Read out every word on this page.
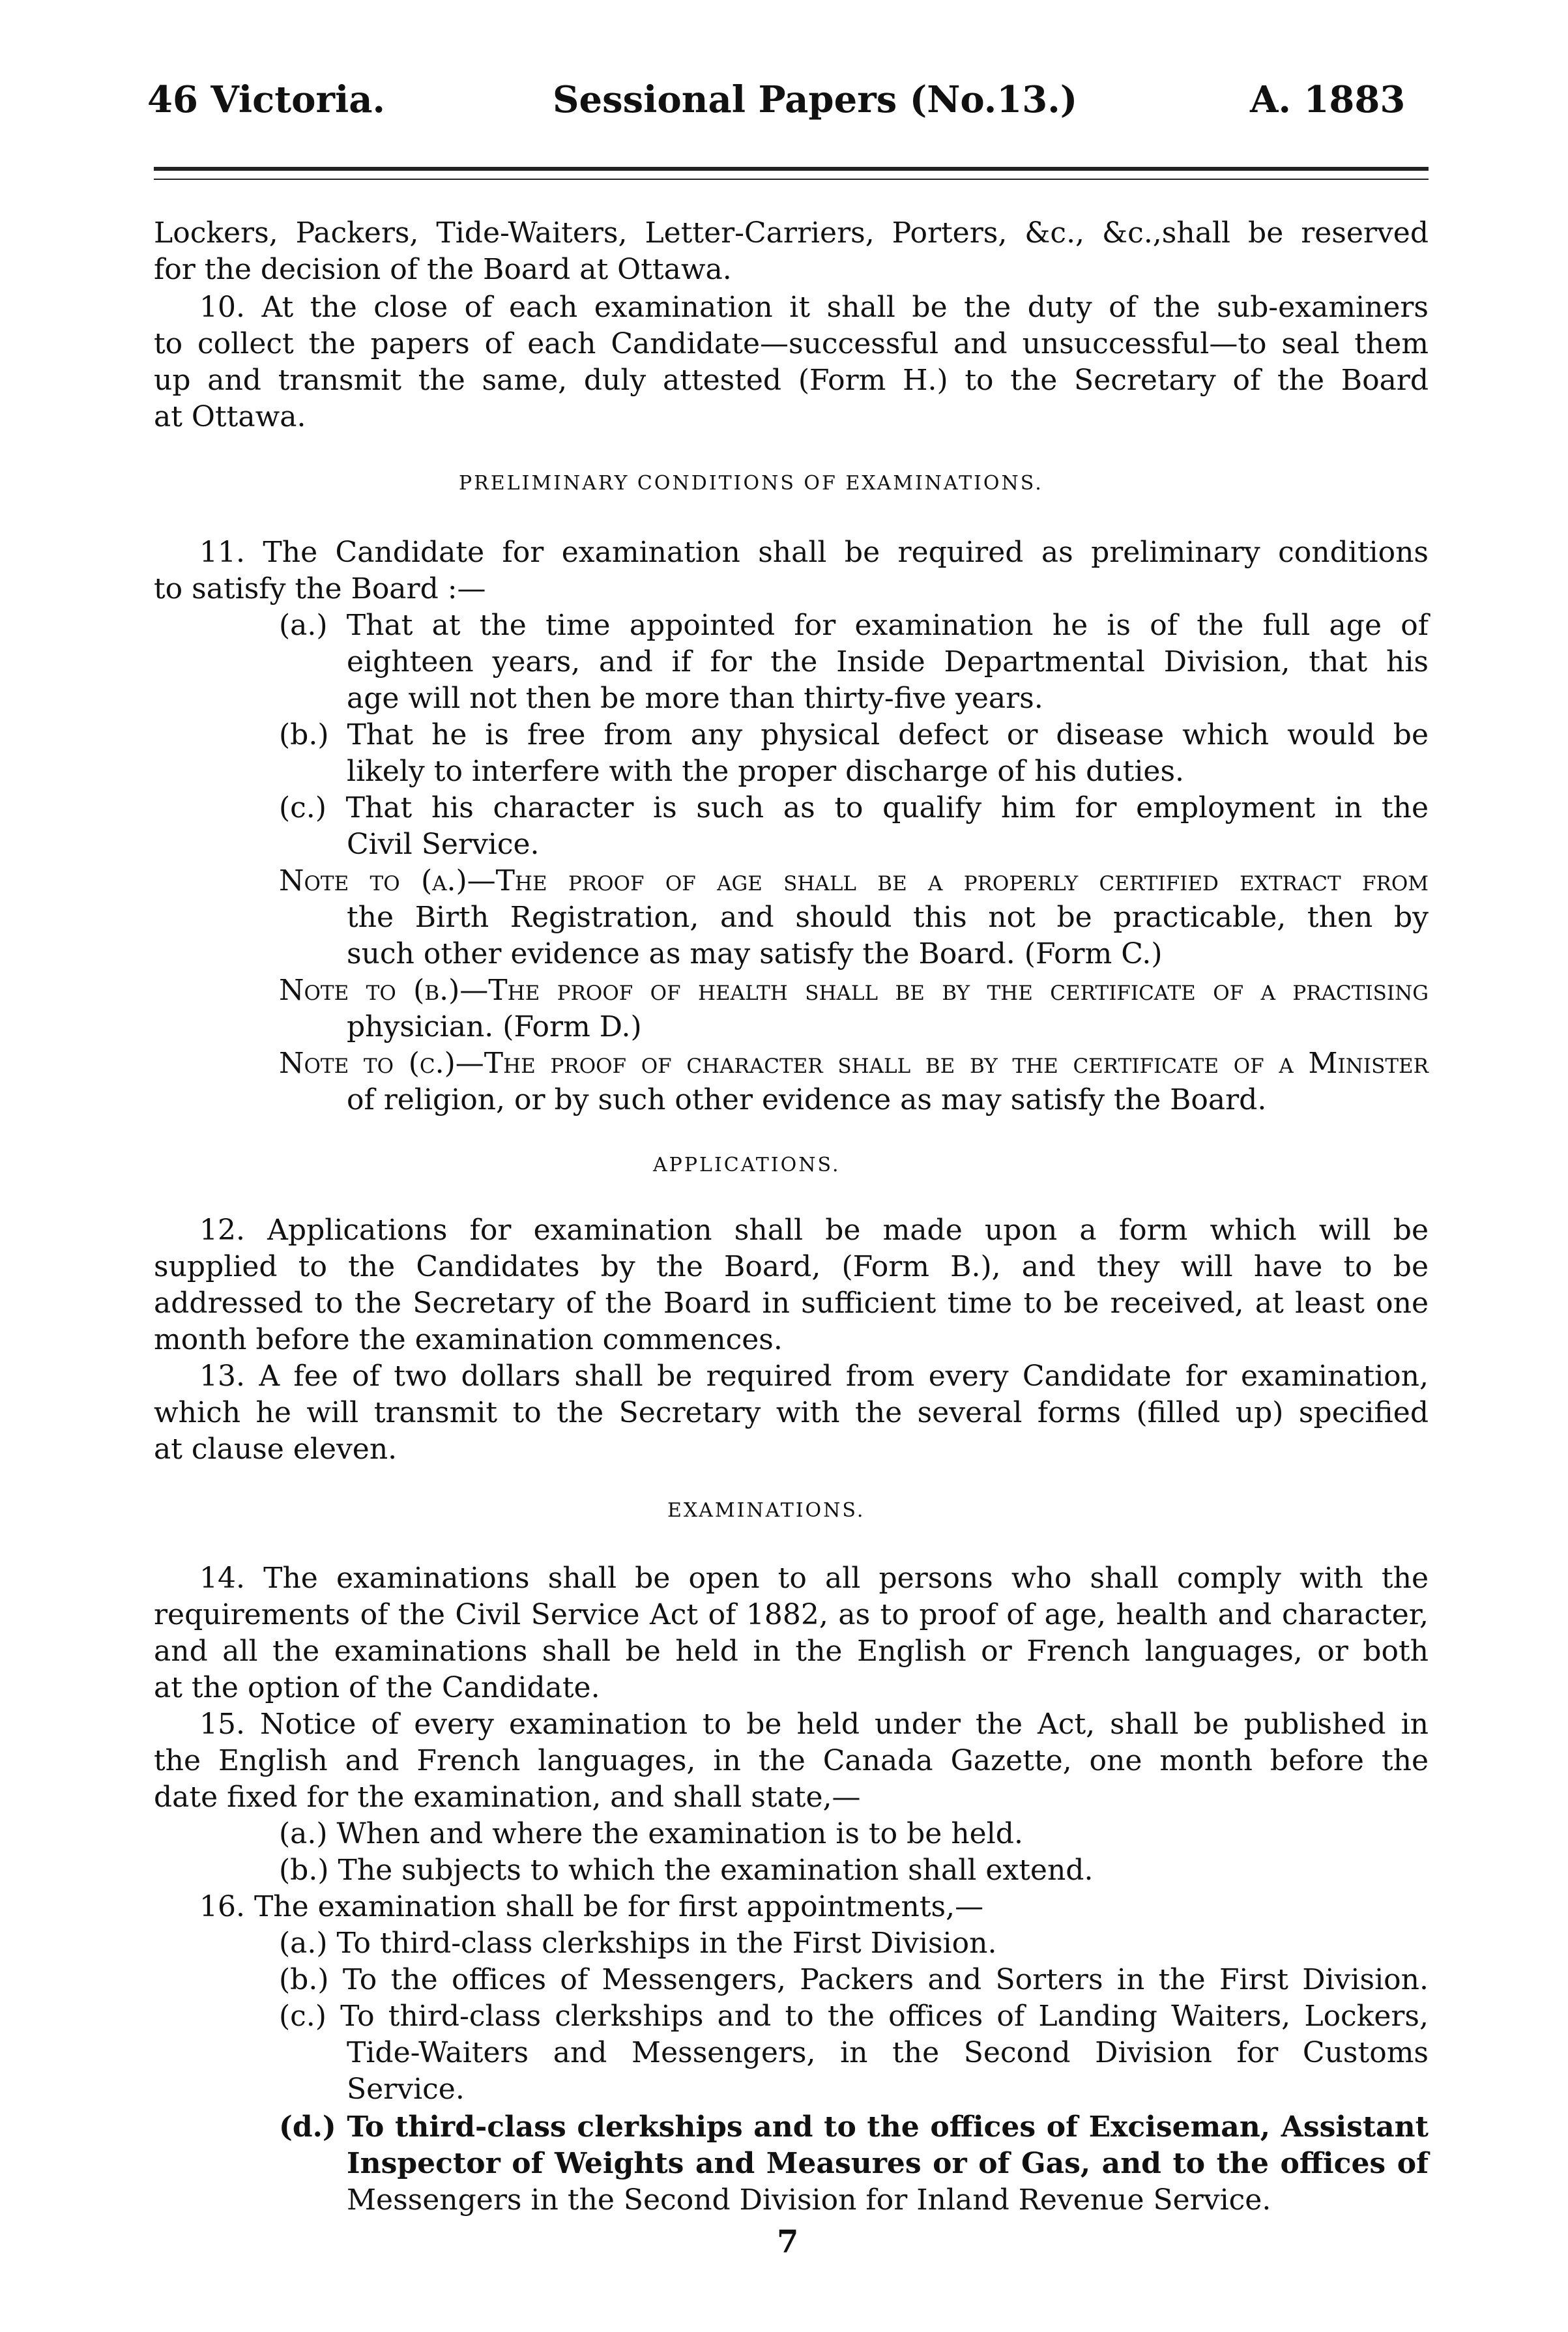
46 Victoria.	Sessional Papers (No.13.)	A. 1883
Lockers, Packers, Tide-Waiters, Letter-Carriers, Porters, &c., &c.,shall be reserved
for the decision of the Board at Ottawa.
10. At the close of each examination it shall be the duty of the sub-examiners
to collect the papers of each Candidate—successful and unsuccessful—to seal them
up and transmit the same, duly attested (Form H.) to the Secretary of the Board
at Ottawa.
PRELIMINARY CONDITIONS OF EXAMINATIONS.
11. The Candidate for examination shall be required as preliminary conditions
to satisfy the Board :—
(a.) That at the time appointed for examination he is of the full age of
eighteen years, and if for the Inside Departmental Division, that his
age will not then be more than thirty-five years.
(b.) That he is free from any physical defect or disease which would be
likely to interfere with the proper discharge of his duties.
(c.) That his character is such as to qualify him for employment in the
Civil Service.
Note to (a.)—The proof of age shall be a properly certified extract from
the Birth Registration, and should this not be practicable, then by
such other evidence as may satisfy the Board. (Form C.)
Note to (b.)—The proof of health shall be by the certificate of a practising
physician. (Form D.)
Note to (c.)—The proof of character shall be by the certificate of a Minister
of religion, or by such other evidence as may satisfy the Board.
APPLICATIONS.
12. Applications for examination shall be made upon a form which will be
supplied to the Candidates by the Board, (Form B.), and they will have to be
addressed to the Secretary of the Board in sufficient time to be received, at least one
month before the examination commences.
13. A fee of two dollars shall be required from every Candidate for examination,
which he will transmit to the Secretary with the several forms (filled up) specified
at clause eleven.
EXAMINATIONS.
14. The examinations shall be open to all persons who shall comply with the
requirements of the Civil Service Act of 1882, as to proof of age, health and character,
and all the examinations shall be held in the English or French languages, or both
at the option of the Candidate.
15. Notice of every examination to be held under the Act, shall be published in
the English and French languages, in the Canada Gazette, one month before the
date fixed for the examination, and shall state,—
(a.) When and where the examination is to be held.
(b.) The subjects to which the examination shall extend.
16. The examination shall be for first appointments,—
(a.) To third-class clerkships in the First Division.
(b.) To the offices of Messengers, Packers and Sorters in the First Division.
(c.) To third-class clerkships and to the offices of Landing Waiters, Lockers,
Tide-Waiters and Messengers, in the Second Division for Customs
Service.
(d.) To third-class clerkships and to the offices of Exciseman, Assistant
Inspector of Weights and Measures or of Gas, and to the offices of
Messengers in the Second Division for Inland Revenue Service.
7
